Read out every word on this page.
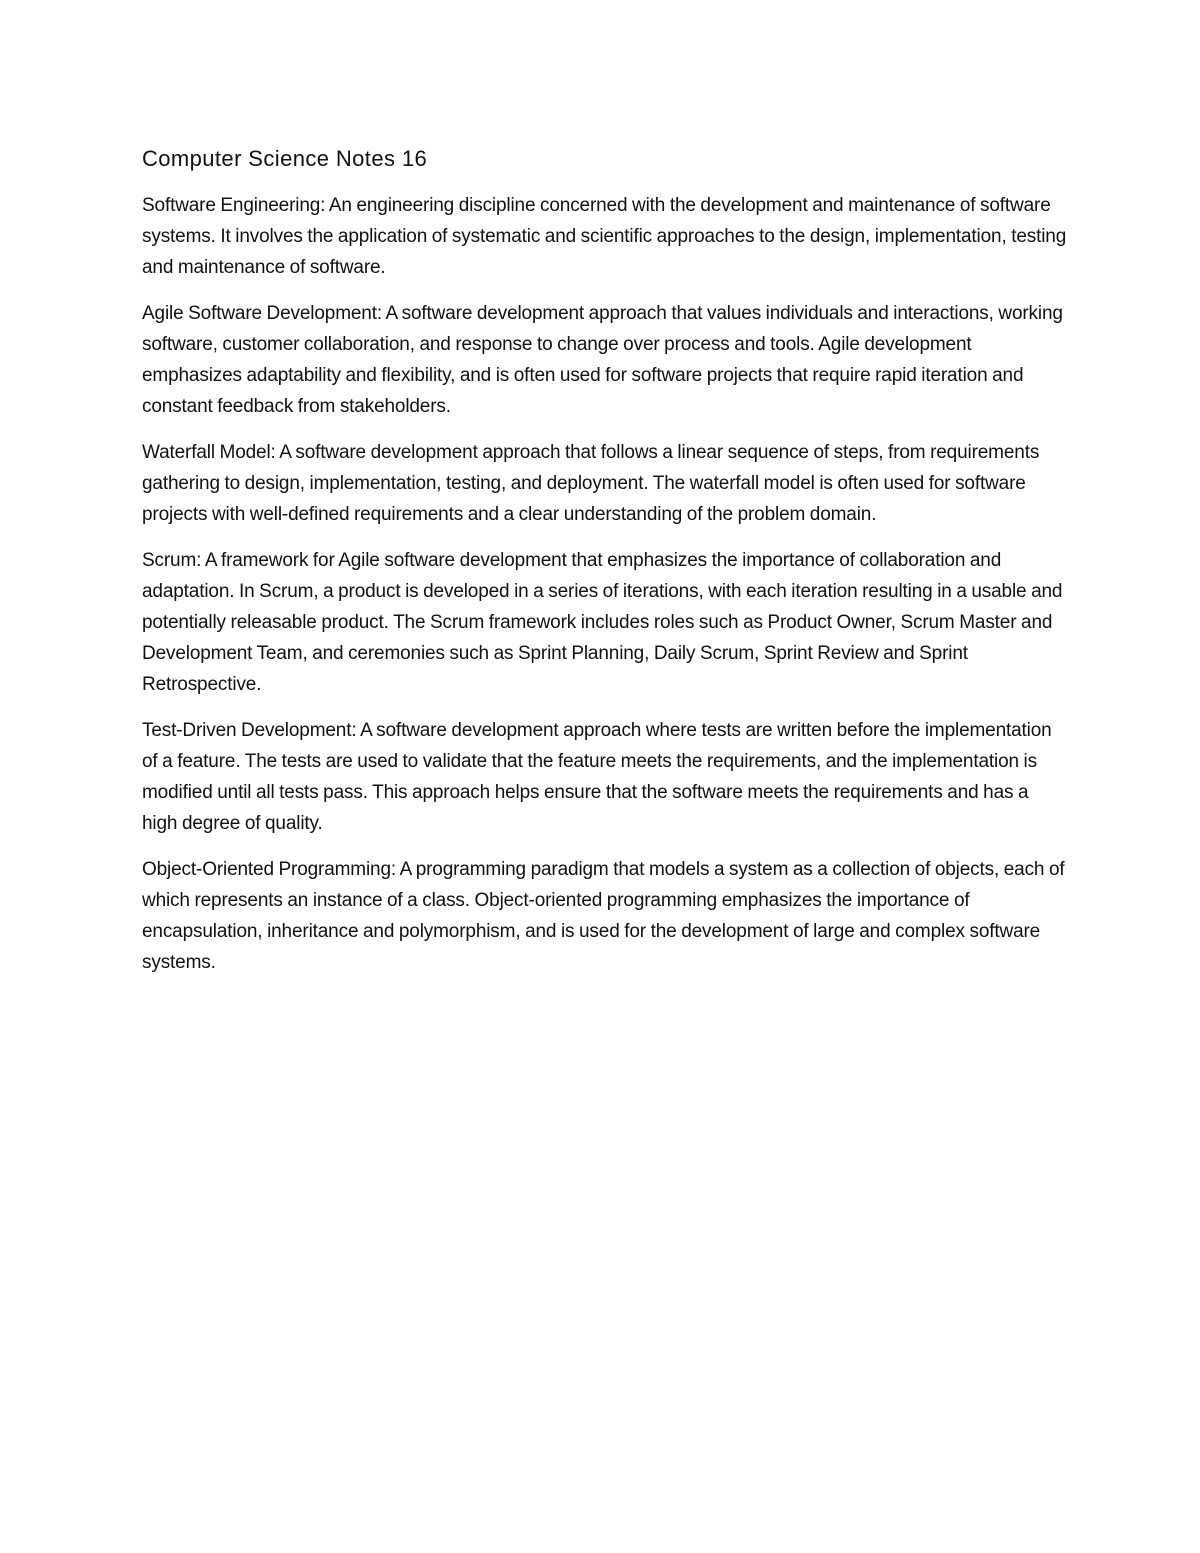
Computer Science Notes 16

Software Engineering: An engineering discipline concerned with the development and maintenance of software systems. It involves the application of systematic and scientific approaches to the design, implementation, testing and maintenance of software.

Agile Software Development: A software development approach that values individuals and interactions, working software, customer collaboration, and response to change over process and tools. Agile development emphasizes adaptability and flexibility, and is often used for software projects that require rapid iteration and constant feedback from stakeholders.

Waterfall Model: A software development approach that follows a linear sequence of steps, from requirements gathering to design, implementation, testing, and deployment. The waterfall model is often used for software projects with well-defined requirements and a clear understanding of the problem domain.

Scrum: A framework for Agile software development that emphasizes the importance of collaboration and adaptation. In Scrum, a product is developed in a series of iterations, with each iteration resulting in a usable and potentially releasable product. The Scrum framework includes roles such as Product Owner, Scrum Master and Development Team, and ceremonies such as Sprint Planning, Daily Scrum, Sprint Review and Sprint Retrospective.

Test-Driven Development: A software development approach where tests are written before the implementation of a feature. The tests are used to validate that the feature meets the requirements, and the implementation is modified until all tests pass. This approach helps ensure that the software meets the requirements and has a high degree of quality.

Object-Oriented Programming: A programming paradigm that models a system as a collection of objects, each of which represents an instance of a class. Object-oriented programming emphasizes the importance of encapsulation, inheritance and polymorphism, and is used for the development of large and complex software systems.
